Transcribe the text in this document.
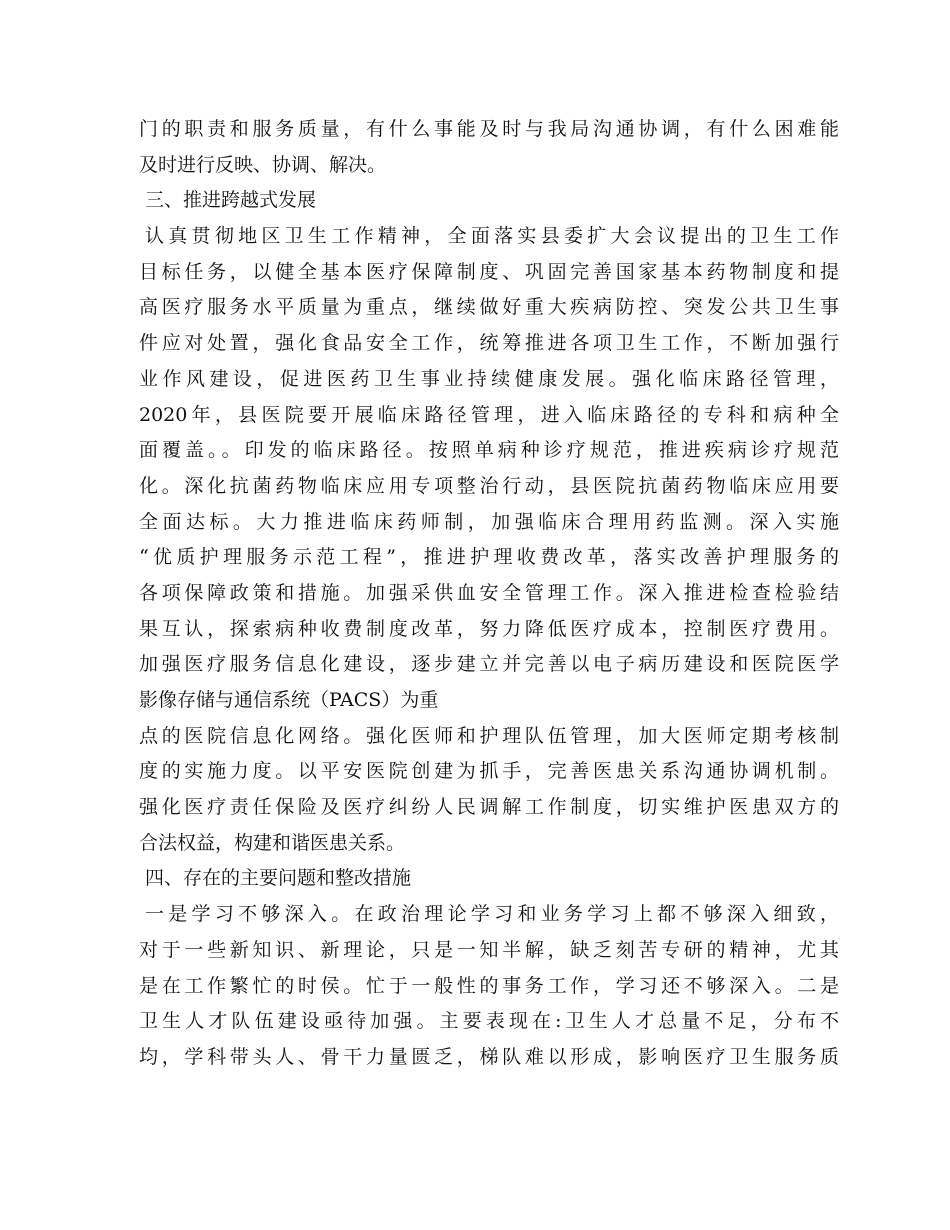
门的职责和服务质量，有什么事能及时与我局沟通协调，有什么困难能
及时进行反映、协调、解决。
三、推进跨越式发展
认真贯彻地区卫生工作精神，全面落实县委扩大会议提出的卫生工作
目标任务，以健全基本医疗保障制度、巩固完善国家基本药物制度和提
高医疗服务水平质量为重点，继续做好重大疾病防控、突发公共卫生事
件应对处置，强化食品安全工作，统筹推进各项卫生工作，不断加强行
业作风建设，促进医药卫生事业持续健康发展。强化临床路径管理，
2020年，县医院要开展临床路径管理，进入临床路径的专科和病种全
面覆盖。。印发的临床路径。按照单病种诊疗规范，推进疾病诊疗规范
化。深化抗菌药物临床应用专项整治行动，县医院抗菌药物临床应用要
全面达标。大力推进临床药师制，加强临床合理用药监测。深入实施
“优质护理服务示范工程”，推进护理收费改革，落实改善护理服务的
各项保障政策和措施。加强采供血安全管理工作。深入推进检查检验结
果互认，探索病种收费制度改革，努力降低医疗成本，控制医疗费用。
加强医疗服务信息化建设，逐步建立并完善以电子病历建设和医院医学
影像存储与通信系统（PACS）为重
点的医院信息化网络。强化医师和护理队伍管理，加大医师定期考核制
度的实施力度。以平安医院创建为抓手，完善医患关系沟通协调机制。
强化医疗责任保险及医疗纠纷人民调解工作制度，切实维护医患双方的
合法权益，构建和谐医患关系。
四、存在的主要问题和整改措施
一是学习不够深入。在政治理论学习和业务学习上都不够深入细致，
对于一些新知识、新理论，只是一知半解，缺乏刻苦专研的精神，尤其
是在工作繁忙的时侯。忙于一般性的事务工作，学习还不够深入。二是
卫生人才队伍建设亟待加强。主要表现在:卫生人才总量不足，分布不
均，学科带头人、骨干力量匮乏，梯队难以形成，影响医疗卫生服务质
